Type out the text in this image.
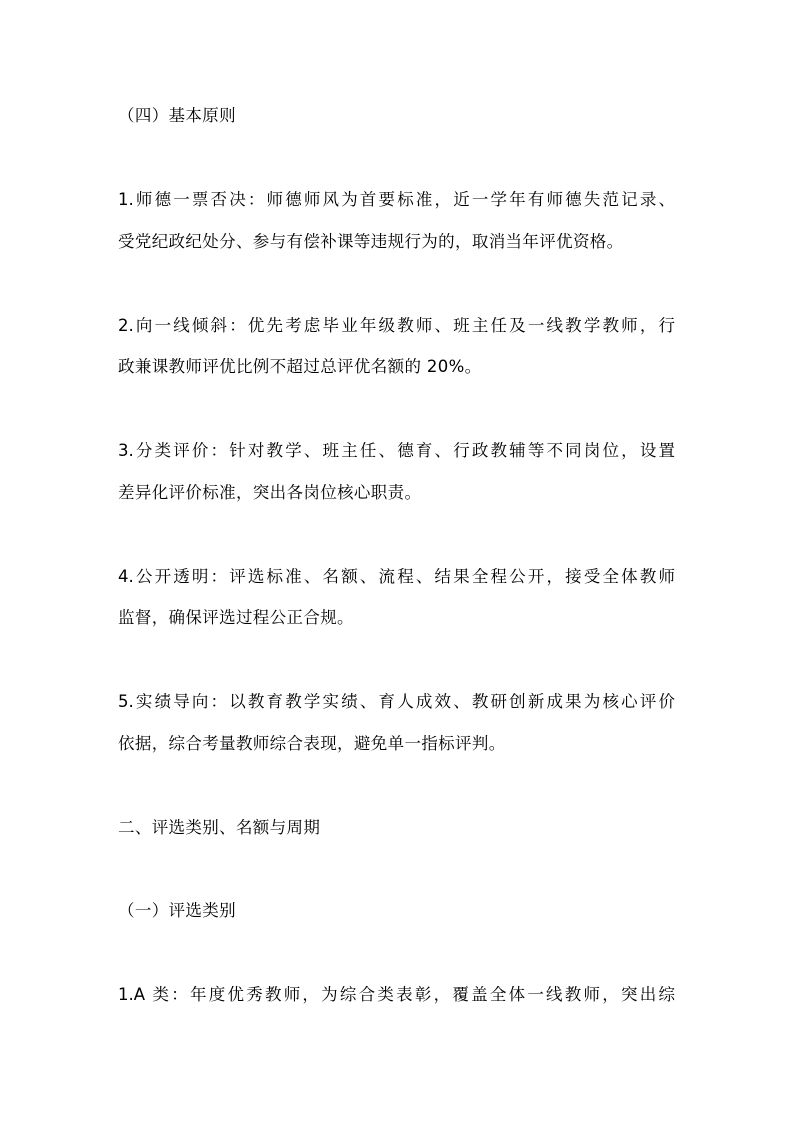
（四）基本原则
1.师德一票否决：师德师风为首要标准，近一学年有师德失范记录、
受党纪政纪处分、参与有偿补课等违规行为的，取消当年评优资格。
2.向一线倾斜：优先考虑毕业年级教师、班主任及一线教学教师，行
政兼课教师评优比例不超过总评优名额的 20%。
3.分类评价：针对教学、班主任、德育、行政教辅等不同岗位，设置
差异化评价标准，突出各岗位核心职责。
4.公开透明：评选标准、名额、流程、结果全程公开，接受全体教师
监督，确保评选过程公正合规。
5.实绩导向：以教育教学实绩、育人成效、教研创新成果为核心评价
依据，综合考量教师综合表现，避免单一指标评判。
二、评选类别、名额与周期
（一）评选类别
1.A 类：年度优秀教师，为综合类表彰，覆盖全体一线教师，突出综
